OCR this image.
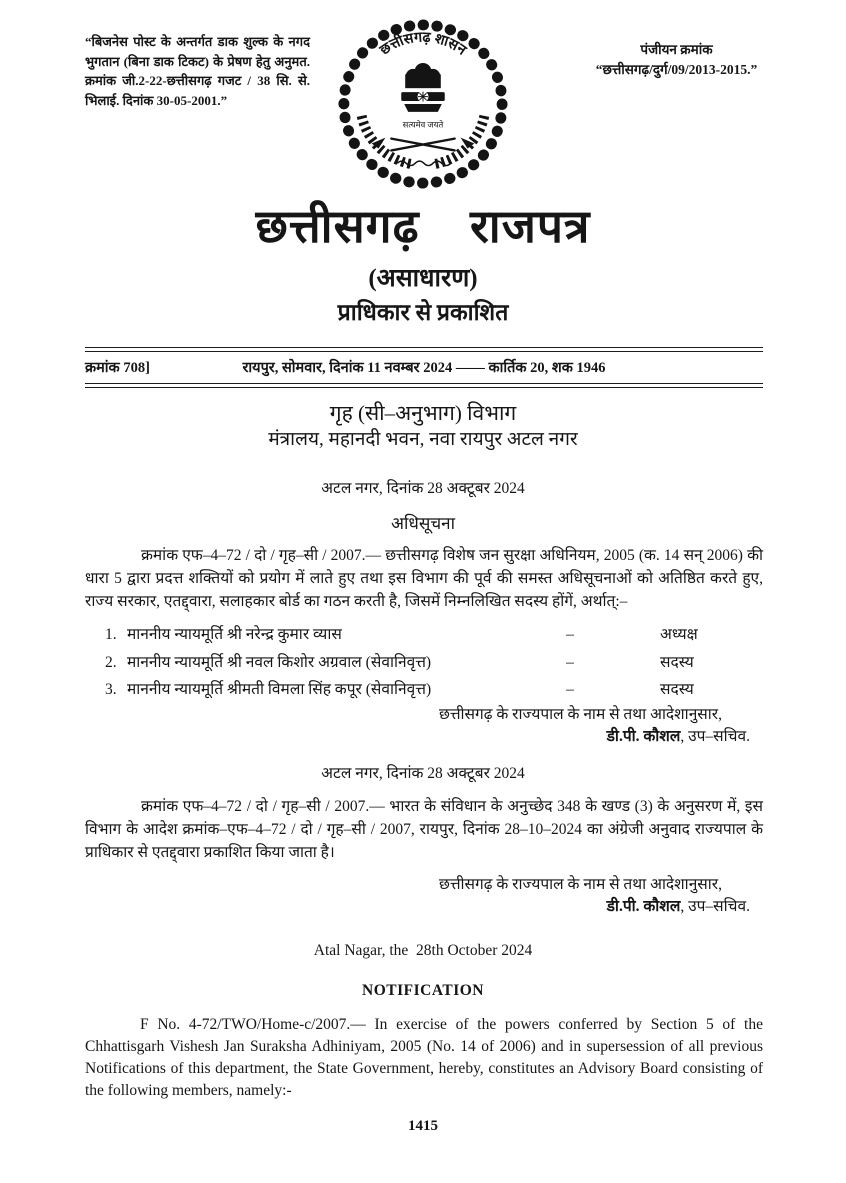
“बिजनेस पोस्ट के अन्तर्गत डाक शुल्क के नगद भुगतान (बिना डाक टिकट) के प्रेषण हेतु अनुमत. क्रमांक जी.2-22-छत्तीसगढ़ गजट / 38 सि. से. भिलाई. दिनांक 30-05-2001.”
छत्तीसगढ़ शासन
सत्यमेव जयते
पंजीयन क्रमांक
“छत्तीसगढ़/दुर्ग/09/2013-2015.”
छत्तीसगढ़ राजपत्र
(असाधारण)
प्राधिकार से प्रकाशित
क्रमांक 708]	रायपुर, सोमवार, दिनांक 11 नवम्बर 2024 —— कार्तिक 20, शक 1946
गृह (सी–अनुभाग) विभाग
मंत्रालय, महानदी भवन, नवा रायपुर अटल नगर
अटल नगर, दिनांक 28 अक्टूबर 2024
अधिसूचना

क्रमांक एफ–4–72 / दो / गृह–सी / 2007.— छत्तीसगढ़ विशेष जन सुरक्षा अधिनियम, 2005 (क. 14 सन् 2006) की धारा 5 द्वारा प्रदत्त शक्तियों को प्रयोग में लाते हुए तथा इस विभाग की पूर्व की समस्त अधिसूचनाओं को अतिष्ठित करते हुए, राज्य सरकार, एतद्द्वारा, सलाहकार बोर्ड का गठन करती है, जिसमें निम्नलिखित सदस्य होंगें, अर्थात्:–

1. माननीय न्यायमूर्ति श्री नरेन्द्र कुमार व्यास	–	अध्यक्ष
2. माननीय न्यायमूर्ति श्री नवल किशोर अग्रवाल (सेवानिवृत्त)	–	सदस्य
3. माननीय न्यायमूर्ति श्रीमती विमला सिंह कपूर (सेवानिवृत्त)	–	सदस्य
छत्तीसगढ़ के राज्यपाल के नाम से तथा आदेशानुसार,
डी.पी. कौशल, उप–सचिव.
अटल नगर, दिनांक 28 अक्टूबर 2024

क्रमांक एफ–4–72 / दो / गृह–सी / 2007.— भारत के संविधान के अनुच्छेद 348 के खण्ड (3) के अनुसरण में, इस विभाग के आदेश क्रमांक–एफ–4–72 / दो / गृह–सी / 2007, रायपुर, दिनांक 28–10–2024 का अंग्रेजी अनुवाद राज्यपाल के प्राधिकार से एतद्द्वारा प्रकाशित किया जाता है।

छत्तीसगढ़ के राज्यपाल के नाम से तथा आदेशानुसार,
डी.पी. कौशल, उप–सचिव.
Atal Nagar, the  28th October 2024
NOTIFICATION

F No. 4-72/TWO/Home-c/2007.— In exercise of the powers conferred by Section 5 of the Chhattisgarh Vishesh Jan Suraksha Adhiniyam, 2005 (No. 14 of 2006) and in supersession of all previous Notifications of this department, the State Government, hereby, constitutes an Advisory Board consisting of the following members, namely:-

1415
